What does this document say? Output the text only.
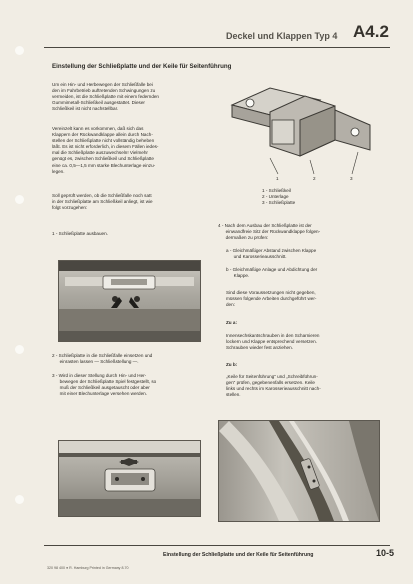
Deckel und Klappen Typ 4 A4.2
Einstellung der Schließplatte und der Keile für Seitenführung
Um ein Hin- und Herbewegen der Schließfalle bei
den im Fahrbetrieb auftretenden Schwingungen zu
vermeiden, ist die Schließplatte mit einem federnden
Gummimetall-Schließkeil ausgestattet. Dieser
Schließkeil ist nicht nachstellbar.
Vereinzelt kann es vorkommen, daß sich das
Klappern der Rückwandklappe allein durch Nach-
stellen der Schließplatte nicht vollständig beheben
läßt. Es ist nicht erforderlich, in diesem Fällen iedes-
mal die Schließplatte auszuwechseln! Vielmehr
genügt es, zwischen Schließkeil und Schließplatte
eine ca. 0,5—1,5 mm starke Blechunterlage einzu-
legen.
Soll geprüft werden, ob die Schließfalle noch satt
in der Schließplatte am Schließkeil anliegt, ist wie
folgt vorzugehen:
1 - Schließplatte ausbauen.
2 - Schließplatte in die Schließfalle einsetzen und
einrasten lassen — Schließstellung —.
3 - Wird in dieser Stellung durch Hin- und Her-
bewegen der Schließplatte Spiel festgestellt, so
muß der Schließkeil ausgetauscht oder aber
mit einer Blechunterlage versehen werden.
1	2	3
1 - Schließkeil
2 - Unterlage
3 - Schließplatte
4 - Nach dem Ausbau der Schließplatte ist der
einwandfreie Sitz der Rückwandklappe folgen-
dermaßen zu prüfen:
a - Gleichmäßiger Abstand zwischen Klappe
und Karosserieausschnitt.
b - Gleichmäßige Anlage und Abdichtung der
Klappe.
Sind diese Voraussetzungen nicht gegeben,
müssen folgende Arbeiten durchgeführt wer-
den:
Zu a:
Innensechskantschrauben in den Scharnieren
lockern und Klappe entsprechend versetzen.
Schrauben wieder fest anziehen.
Zu b:
„Keile für Seitenführung" und „Schreibführun-
gen" prüfen, gegebenenfalls ersetzen. Keile
links und rechts im Karosserieausschnitt nach-
stellen.
Einstellung der Schließplatte und der Keile für Seitenführung	10-5
320 98 400 ● R. Hamburg Printed in Germany 8.70
